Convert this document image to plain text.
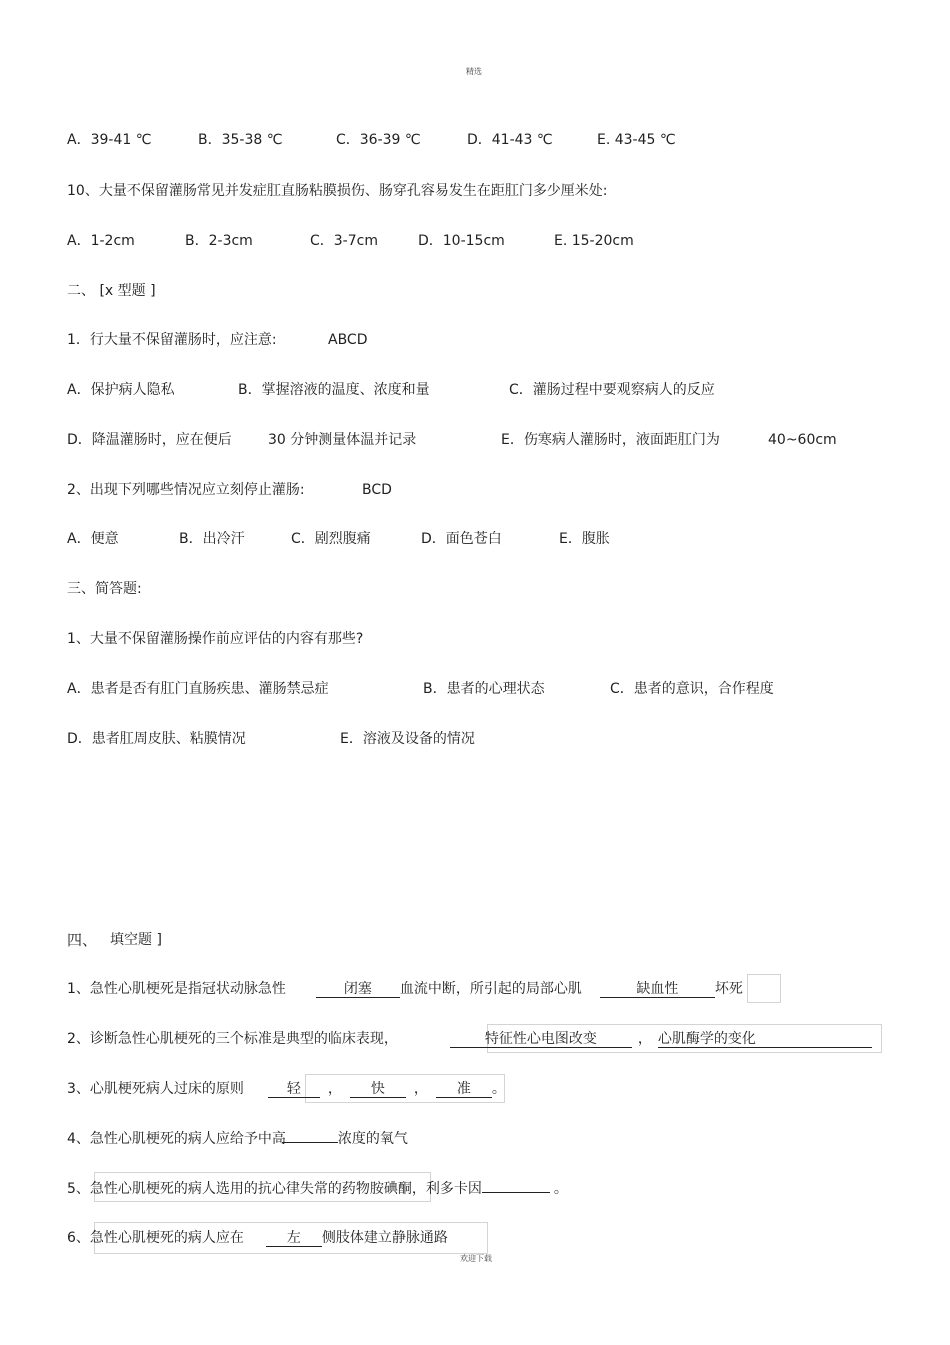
精选
A．39-41 ℃	B．35-38 ℃	C．36-39 ℃	D．41-43 ℃	E. 43-45 ℃
10、大量不保留灌肠常见并发症肛直肠粘膜损伤、肠穿孔容易发生在距肛门多少厘米处:
A．1-2cm	B．2-3cm	C．3-7cm	D．10-15cm	E. 15-20cm
二、 [x 型题 ]
1．行大量不保留灌肠时，应注意:	ABCD
A．保护病人隐私	B．掌握溶液的温度、浓度和量	C．灌肠过程中要观察病人的反应
D．降温灌肠时，应在便后	30 分钟测量体温并记录	E．伤寒病人灌肠时，液面距肛门为	40~60cm
2、出现下列哪些情况应立刻停止灌肠:	BCD
A．便意	B．出冷汗	C．剧烈腹痛	D．面色苍白	E．腹胀
三、简答题:
1、大量不保留灌肠操作前应评估的内容有那些?
A．患者是否有肛门直肠疾患、灌肠禁忌症	B．患者的心理状态	C．患者的意识，合作程度
D．患者肛周皮肤、粘膜情况	E．溶液及设备的情况
四、 填空题 ]
1、急性心肌梗死是指冠状动脉急性	闭塞 血流中断，所引起的局部心肌	缺血性	坏死
2、诊断急性心肌梗死的三个标准是典型的临床表现，	特征性心电图改变	， 心肌酶学的变化
3、心肌梗死病人过床的原则	轻 ， 快 ， 准 。
4、急性心肌梗死的病人应给予中高	浓度的氧气
5、急性心肌梗死的病人选用的抗心律失常的药物胺碘酮，利多卡因	。
6、急性心肌梗死的病人应在	左 侧肢体建立静脉通路
欢迎下载
